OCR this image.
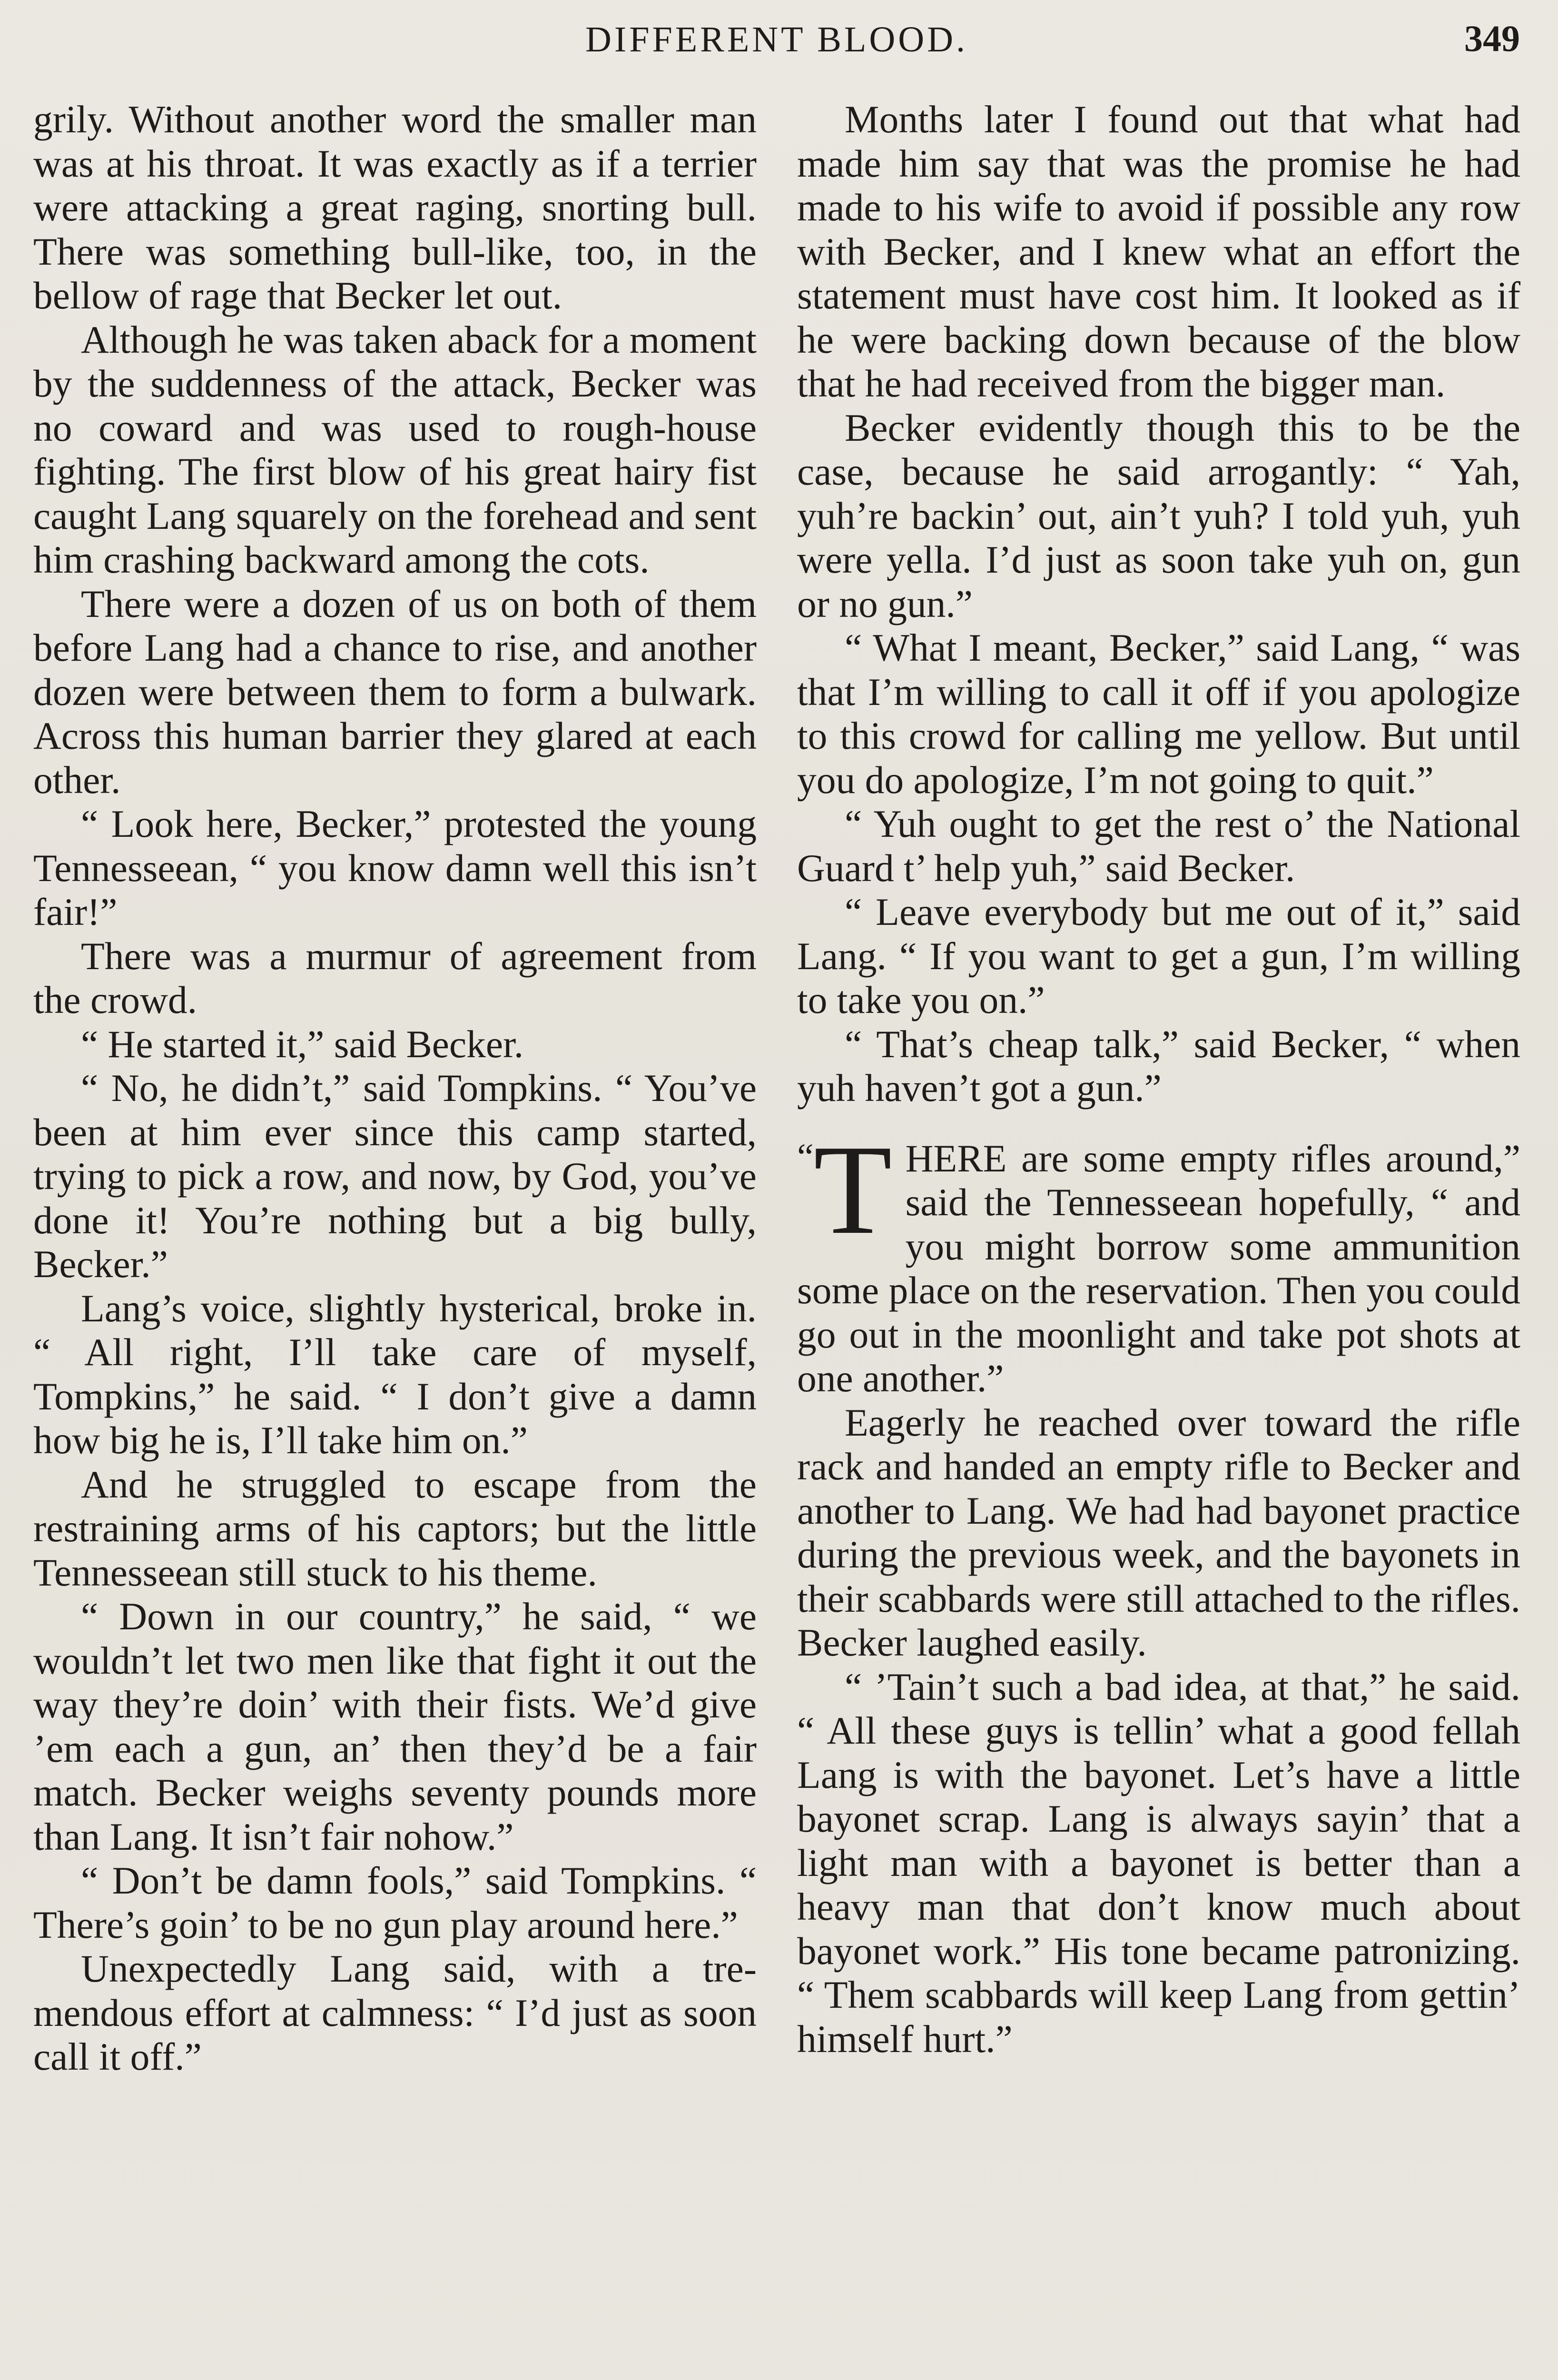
DIFFERENT BLOOD.	349

grily. Without another word the smaller man was at his throat. It was exactly as if a terrier were attacking a great raging, snorting bull. There was something bull-like, too, in the bellow of rage that Becker let out.

Although he was taken aback for a moment by the suddenness of the attack, Becker was no coward and was used to rough-house fighting. The first blow of his great hairy fist caught Lang squarely on the forehead and sent him crashing backward among the cots.

There were a dozen of us on both of them before Lang had a chance to rise, and another dozen were between them to form a bulwark. Across this human barrier they glared at each other.

“ Look here, Becker,” protested the young Tennesseean, “ you know damn well this isn’t fair!”

There was a murmur of agreement from the crowd.

“ He started it,” said Becker.

“ No, he didn’t,” said Tompkins. “ You’ve been at him ever since this camp started, trying to pick a row, and now, by God, you’ve done it! You’re nothing but a big bully, Becker.”

Lang’s voice, slightly hysterical, broke in. “ All right, I’ll take care of myself, Tompkins,” he said. “ I don’t give a damn how big he is, I’ll take him on.”

And he struggled to escape from the restraining arms of his captors; but the little Tennesseean still stuck to his theme.

“ Down in our country,” he said, “ we wouldn’t let two men like that fight it out the way they’re doin’ with their fists. We’d give ’em each a gun, an’ then they’d be a fair match. Becker weighs seventy pounds more than Lang. It isn’t fair nohow.”

“ Don’t be damn fools,” said Tompkins. “ There’s goin’ to be no gun play around here.”

Unexpectedly Lang said, with a tremendous effort at calmness: “ I’d just as soon call it off.”

Months later I found out that what had made him say that was the promise he had made to his wife to avoid if possible any row with Becker, and I knew what an effort the statement must have cost him. It looked as if he were backing down because of the blow that he had received from the bigger man.

Becker evidently though this to be the case, because he said arrogantly: “ Yah, yuh’re backin’ out, ain’t yuh? I told yuh, yuh were yella. I’d just as soon take yuh on, gun or no gun.”

“ What I meant, Becker,” said Lang, “ was that I’m willing to call it off if you apologize to this crowd for calling me yellow. But until you do apologize, I’m not going to quit.”

“ Yuh ought to get the rest o’ the National Guard t’ help yuh,” said Becker.

“ Leave everybody but me out of it,” said Lang. “ If you want to get a gun, I’m willing to take you on.”

“ That’s cheap talk,” said Becker, “ when yuh haven’t got a gun.”

“ T HERE are some empty rifles around,” said the Tennesseean hopefully, “ and you might borrow some ammunition some place on the reservation. Then you could go out in the moonlight and take pot shots at one another.”

Eagerly he reached over toward the rifle rack and handed an empty rifle to Becker and another to Lang. We had had bayonet practice during the previous week, and the bayonets in their scabbards were still attached to the rifles. Becker laughed easily.

“ ’Tain’t such a bad idea, at that,” he said. “ All these guys is tellin’ what a good fellah Lang is with the bayonet. Let’s have a little bayonet scrap. Lang is always sayin’ that a light man with a bayonet is better than a heavy man that don’t know much about bayonet work.” His tone became patronizing. “ Them scabbards will keep Lang from gettin’ himself hurt.”
